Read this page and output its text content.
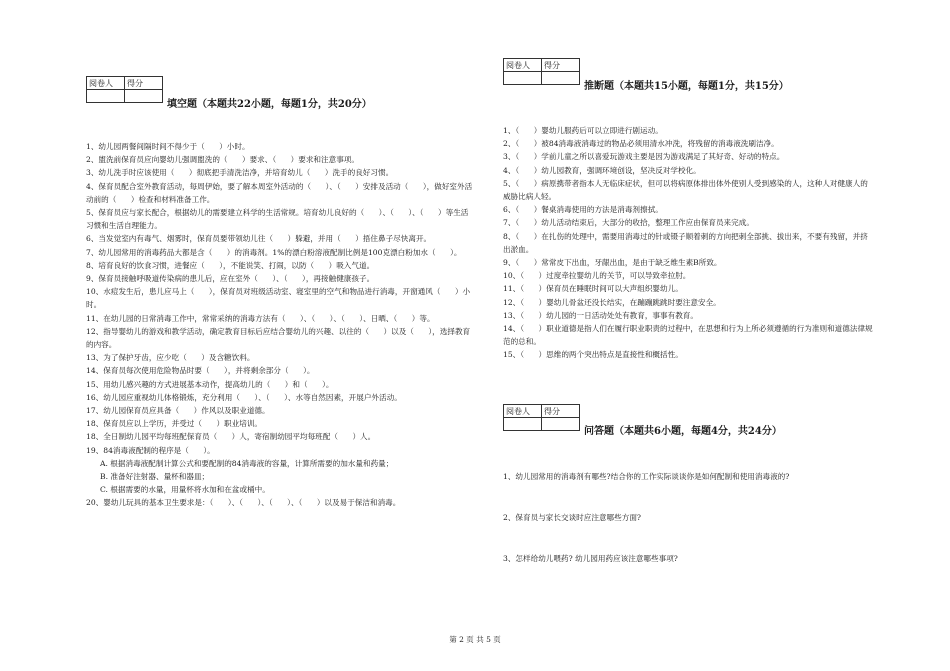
阅卷人	得分

填空题（本题共22小题，每题1分，共20分）

1、幼儿园两餐间隔时间不得少于（      ）小时。

2、盥洗前保育员应向婴幼儿强调盥洗的（      ）要求、（      ）要求和注意事项。

3、幼儿洗手时应该使用（      ）彻底把手清洗洁净，并培育幼儿（      ）洗手的良好习惯。

4、保育员配合室外教育活动，每周伊始，要了解本周室外活动的（      ）、（      ）安排及活动（      ），做好室外活动前的（      ）检查和材料准备工作。

5、保育员应与家长配合，根据幼儿的需要建立科学的生活常规。培育幼儿良好的（      ）、（      ）、（      ）等生活习惯和生活自理能力。

6、当发觉室内有毒气、烟雾时，保育员要带领幼儿往（      ）躲避，并用（      ）捂住鼻子尽快离开。

7、幼儿园常用的消毒药品大都是含（      ）的消毒剂。1%的漂白粉溶液配制比例是100克漂白粉加水（      ）。

8、培育良好的饮食习惯，进餐应（      ），不能说笑、打闹，以防（      ）吸入气道。

9、保育员接触呼吸道传染病的患儿后，应在室外（      ）、（      ），再接触健康孩子。

10、水痘发生后，患儿应马上（      ），保育员对班级活动室、寝室里的空气和物品进行消毒，开窗通风（      ）小时。

11、在幼儿园的日常消毒工作中，常常采纳的消毒方法有（      ）、（      ）、（      ）、日晒、（      ）等。

12、指导婴幼儿的游戏和教学活动，确定教育目标后应结合婴幼儿的兴趣、以往的（      ）以及（      ），选择教育的内容。

13、为了保护牙齿，应少吃（      ）及含糖饮料。

14、保育员每次使用危险物品时要（      ），并将剩余部分（      ）。

15、用幼儿感兴趣的方式进展基本动作，提高幼儿的（      ）和（      ）。

16、幼儿园应重视幼儿体格锻炼，充分利用（      ）、（      ）、水等自然因素，开展户外活动。

17、幼儿园保育员应具备（      ）作风以及职业道德。

18、保育员应以上学历，并受过（      ）职业培训。

18、全日制幼儿园平均每班配保育员（      ）人，寄宿制幼园平均每班配（      ）人。

19、84消毒液配制的程序是（      ）。

A. 根据消毒液配制计算公式和要配制的84消毒液的容量，计算所需要的加水量和药量；

B. 准备好注射器、量杯和器皿；

C. 根据需要的水量，用量杯将水加和在盆或桶中。

20、婴幼儿玩具的基本卫生要求是：（      ）、（      ）、（      ）、（      ）以及易于保洁和消毒。

阅卷人	得分

推断题（本题共15小题，每题1分，共15分）

1、（      ）婴幼儿服药后可以立即进行剧运动。

2、（      ）被84消毒液消毒过的物品必须用清水冲洗，将残留的消毒液洗刷洁净。

3、（      ）学前儿童之所以喜爱玩游戏主要是因为游戏满足了其好奇、好动的特点。

4、（      ）幼儿园教育，强调环境创设，坚决反对学校化。

5、（      ）病原携带者指本人无临床症状，但可以将病原体排出体外使别人受到感染的人，这种人对健康人的威胁比病人轻。

6、（      ）餐桌消毒使用的方法是消毒剂擦拭。

7、（      ）幼儿活动结束后，大部分的收拾，整理工作应由保育员来完成。

8、（      ）在扎伤的处理中，需要用消毒过的针或镊子顺着刺的方向把刺全部挑、拔出来，不要有残留，并挤出淤血。

9、（      ）常常皮下出血，牙龈出血，是由于缺乏维生素B所致。

10、（      ）过度牵拉婴幼儿的关节，可以导致牵拉肘。

11、（      ）保育员在睡眠时间可以大声组织婴幼儿。

12、（      ）婴幼儿骨盆还没长结实，在蹦蹦跳跳时要注意安全。

13、（      ）幼儿园的一日活动处处有教育，事事有教育。

14、（      ）职业道德是指人们在履行职业职责的过程中，在思想和行为上所必须遵循的行为准则和道德法律规范的总和。

15、（      ）思维的两个突出特点是直接性和概括性。

阅卷人	得分

问答题（本题共6小题，每题4分，共24分）

1、幼儿园常用的消毒剂有哪些?结合你的工作实际谈谈你是如何配制和使用消毒液的?

2、保育员与家长交谈时应注意哪些方面?

3、怎样给幼儿喂药? 幼儿园用药应该注意哪些事项?

第 2 页 共 5 页
